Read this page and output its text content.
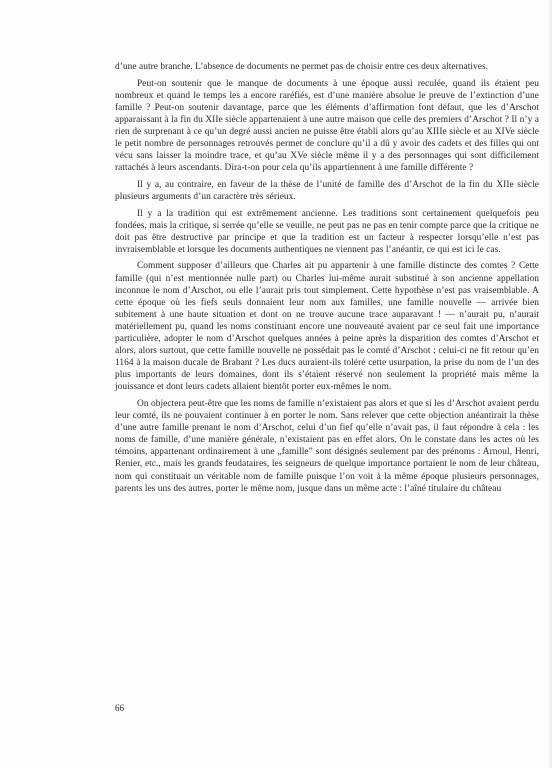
d’une autre branche. L’absence de documents ne permet pas de choisir entre ces deux alternatives.

Peut-on soutenir que le manque de documents à une époque aussi reculée, quand ils étaient peu nombreux et quand le temps les a encore raréfiés, est d’une manière absolue le preuve de l’extinction d’une famille ? Peut-on soutenir davantage, parce que les éléments d’affirmation font défaut, que les d’Arschot apparaissant à la fin du XIIe siècle appartenaient à une autre maison que celle des premiers d’Arschot ? Il n’y a rien de surprenant à ce qu’un degré aussi ancien ne puisse être établi alors qu’au XIIIe siècle et au XIVe siècle le petit nombre de personnages retrouvés permet de conclure qu’il a dû y avoir des cadets et des filles qui ont vécu sans laisser la moindre trace, et qu’au XVe siècle même il y a des personnages qui sont difficilement rattachés à leurs ascendants. Dira-t-on pour cela qu’ils appartiennent à une famille différente ?

Il y a, au contraire, en faveur de la thèse de l’unité de famille des d’Arschot de la fin du XIIe siècle plusieurs arguments d’un caractère très sérieux.

Il y a la tradition qui est extrêmement ancienne. Les traditions sont certainement quelquefois peu fondées, mais la critique, si serrée qu’elle se veuille, ne peut pas ne pas en tenir compte parce que la critique ne doit pas être destructive par principe et que la tradition est un facteur à respecter lorsqu’elle n’est pas invraisemblable et lorsque les documents authentiques ne viennent pas l’anéantir, ce qui est ici le cas.

Comment supposer d’ailleurs que Charles ait pu appartenir à une famille distincte des comtes ? Cette famille (qui n’est mentionnée nulle part) ou Charles lui-même aurait substitué à son ancienne appellation inconnue le nom d’Arschot, ou elle l’aurait pris tout simplement. Cette hypothèse n’est pas vraisemblable. A cette époque où les fiefs seuls donnaient leur nom aux familles, une famille nouvelle — arrivée bien subitement à une haute situation et dont on ne trouve aucune trace auparavant ! — n’aurait pu, n’aurait matériellement pu, quand les noms constituant encore une nouveauté avaient par ce seul fait une importance particulière, adopter le nom d’Arschot quelques années à peine après la disparition des comtes d’Arschot et alors, alors surtout, que cette famille nouvelle ne possédait pas le comté d’Arschot ; celui-ci ne fit retour qu’en 1164 à la maison ducale de Brabant ? Les ducs auraient-ils toléré cette usurpation, la prise du nom de l’un des plus importants de leurs domaines, dont ils s’étaient réservé non seulement la propriété mais même la jouissance et dont leurs cadets allaient bientôt porter eux-mêmes le nom.

On objectera peut-être que les noms de famille n’existaient pas alors et que si les d’Arschot avaient perdu leur comté, ils ne pouvaient continuer à en porter le nom. Sans relever que cette objection anéantirait la thèse d’une autre famille prenant le nom d’Arschot, celui d’un fief qu’elle n’avait pas, il faut répondre à cela : les noms de famille, d’une manière générale, n’existaient pas en effet alors. On le constate dans les actes où les témoins, appartenant ordinairement à une „famille” sont désignés seulement par des prénoms : Arnoul, Henri, Renier, etc., mais les grands feudataires, les seigneurs de quelque importance portaient le nom de leur château, nom qui constituait un véritable nom de famille puisque l’on voit à la même époque plusieurs personnages, parents les uns des autres, porter le même nom, jusque dans un même acte : l’aîné titulaire du château

66
